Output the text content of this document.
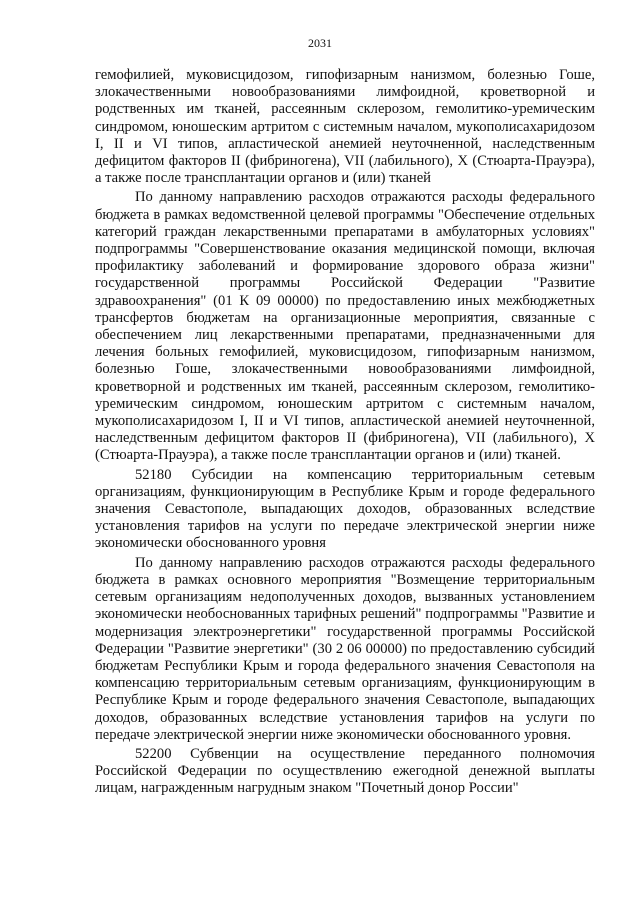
2031

гемофилией, муковисцидозом, гипофизарным нанизмом, болезнью Гоше, злокачественными новообразованиями лимфоидной, кроветворной и родственных им тканей, рассеянным склерозом, гемолитико-уремическим синдромом, юношеским артритом с системным началом, мукополисахаридозом I, II и VI типов, апластической анемией неуточненной, наследственным дефицитом факторов II (фибриногена), VII (лабильного), X (Стюарта-Прауэра), а также после трансплантации органов и (или) тканей

По данному направлению расходов отражаются расходы федерального бюджета в рамках ведомственной целевой программы "Обеспечение отдельных категорий граждан лекарственными препаратами в амбулаторных условиях" подпрограммы "Совершенствование оказания медицинской помощи, включая профилактику заболеваний и формирование здорового образа жизни" государственной программы Российской Федерации "Развитие здравоохранения" (01 К 09 00000) по предоставлению иных межбюджетных трансфертов бюджетам на организационные мероприятия, связанные с обеспечением лиц лекарственными препаратами, предназначенными для лечения больных гемофилией, муковисцидозом, гипофизарным нанизмом, болезнью Гоше, злокачественными новообразованиями лимфоидной, кроветворной и родственных им тканей, рассеянным склерозом, гемолитико-уремическим синдромом, юношеским артритом с системным началом, мукополисахаридозом I, II и VI типов, апластической анемией неуточненной, наследственным дефицитом факторов II (фибриногена), VII (лабильного), X (Стюарта-Прауэра), а также после трансплантации органов и (или) тканей.

52180 Субсидии на компенсацию территориальным сетевым организациям, функционирующим в Республике Крым и городе федерального значения Севастополе, выпадающих доходов, образованных вследствие установления тарифов на услуги по передаче электрической энергии ниже экономически обоснованного уровня

По данному направлению расходов отражаются расходы федерального бюджета в рамках основного мероприятия "Возмещение территориальным сетевым организациям недополученных доходов, вызванных установлением экономически необоснованных тарифных решений" подпрограммы "Развитие и модернизация электроэнергетики" государственной программы Российской Федерации "Развитие энергетики" (30 2 06 00000) по предоставлению субсидий бюджетам Республики Крым и города федерального значения Севастополя на компенсацию территориальным сетевым организациям, функционирующим в Республике Крым и городе федерального значения Севастополе, выпадающих доходов, образованных вследствие установления тарифов на услуги по передаче электрической энергии ниже экономически обоснованного уровня.

52200 Субвенции на осуществление переданного полномочия Российской Федерации по осуществлению ежегодной денежной выплаты лицам, награжденным нагрудным знаком "Почетный донор России"
